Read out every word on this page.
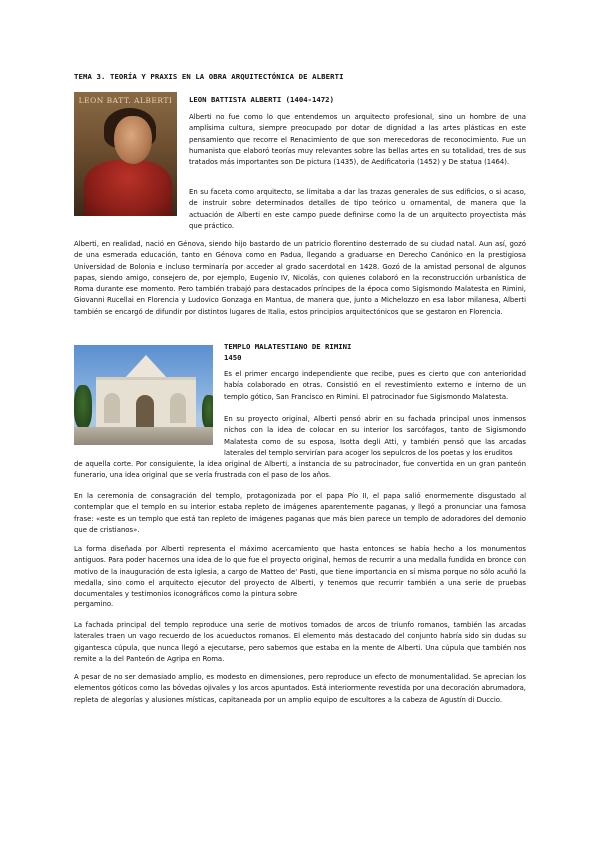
TEMA 3. TEORÍA Y PRAXIS EN LA OBRA ARQUITECTÓNICA DE ALBERTI
LEON BATT. ALBERTI	LEON BATTISTA ALBERTI (1404-1472)

Alberti no fue como lo que entendemos un arquitecto profesional, sino un hombre de una amplísima cultura, siempre preocupado por dotar de dignidad a las artes plásticas en este pensamiento que recorre el Renacimiento de que son merecedoras de reconocimiento. Fue un humanista que elaboró teorías muy relevantes sobre las bellas artes en su totalidad, tres de sus tratados más importantes son De pictura (1435), de Aedificatoria (1452) y De statua (1464).

En su faceta como arquitecto, se limitaba a dar las trazas generales de sus edificios, o si acaso, de instruir sobre determinados detalles de tipo teórico u ornamental, de manera que la actuación de Alberti en este campo puede definirse como la de un arquitecto proyectista más que práctico.

Alberti, en realidad, nació en Génova, siendo hijo bastardo de un patricio florentino desterrado de su ciudad natal. Aun así, gozó de una esmerada educación, tanto en Génova como en Padua, llegando a graduarse en Derecho Canónico en la prestigiosa Universidad de Bolonia e incluso terminaría por acceder al grado sacerdotal en 1428. Gozó de la amistad personal de algunos papas, siendo amigo, consejero de, por ejemplo, Eugenio IV, Nicolás, con quienes colaboró en la reconstrucción urbanística de Roma durante ese momento. Pero también trabajó para destacados príncipes de la época como Sigismondo Malatesta en Rimini, Giovanni Rucellai en Florencia y Ludovico Gonzaga en Mantua, de manera que, junto a Michelozzo en esa labor milanesa, Alberti también se encargó de difundir por distintos lugares de Italia, estos principios arquitectónicos que se gestaron en Florencia.

TEMPLO MALATESTIANO DE RIMINI
1450

Es el primer encargo independiente que recibe, pues es cierto que con anterioridad había colaborado en otras. Consistió en el revestimiento externo e interno de un templo gótico, San Francisco en Rimini. El patrocinador fue Sigismondo Malatesta.

En su proyecto original, Alberti pensó abrir en su fachada principal unos inmensos nichos con la idea de colocar en su interior los sarcófagos, tanto de Sigismondo Malatesta como de su esposa, Isotta degli Atti, y también pensó que las arcadas laterales del templo servirían para acoger los sepulcros de los poetas y los eruditos

de aquella corte. Por consiguiente, la idea original de Alberti, a instancia de su patrocinador, fue convertida en un gran panteón funerario, una idea original que se vería frustrada con el paso de los años.

En la ceremonia de consagración del templo, protagonizada por el papa Pío II, el papa salió enormemente disgustado al contemplar que el templo en su interior estaba repleto de imágenes aparentemente paganas, y llegó a pronunciar una famosa frase: «este es un templo que está tan repleto de imágenes paganas que más bien parece un templo de adoradores del demonio que de cristianos».

La forma diseñada por Alberti representa el máximo acercamiento que hasta entonces se había hecho a los monumentos antiguos. Para poder hacernos una idea de lo que fue el proyecto original, hemos de recurrir a una medalla fundida en bronce con motivo de la inauguración de esta iglesia, a cargo de Matteo de' Pasti, que tiene importancia en sí misma porque no sólo acuñó la medalla, sino como el arquitecto ejecutor del proyecto de Alberti, y tenemos que recurrir también a una serie de pruebas documentales y testimonios iconográficos como la pintura sobre

pergamino.

La fachada principal del templo reproduce una serie de motivos tomados de arcos de triunfo romanos, también las arcadas laterales traen un vago recuerdo de los acueductos romanos. El elemento más destacado del conjunto habría sido sin dudas su gigantesca cúpula, que nunca llegó a ejecutarse, pero sabemos que estaba en la mente de Alberti. Una cúpula que también nos remite a la del Panteón de Agripa en Roma.

A pesar de no ser demasiado amplio, es modesto en dimensiones, pero reproduce un efecto de monumentalidad. Se aprecian los elementos góticos como las bóvedas ojivales y los arcos apuntados. Está interiormente revestida por una decoración abrumadora, repleta de alegorías y alusiones místicas, capitaneada por un amplio equipo de escultores a la cabeza de Agustín di Duccio.
